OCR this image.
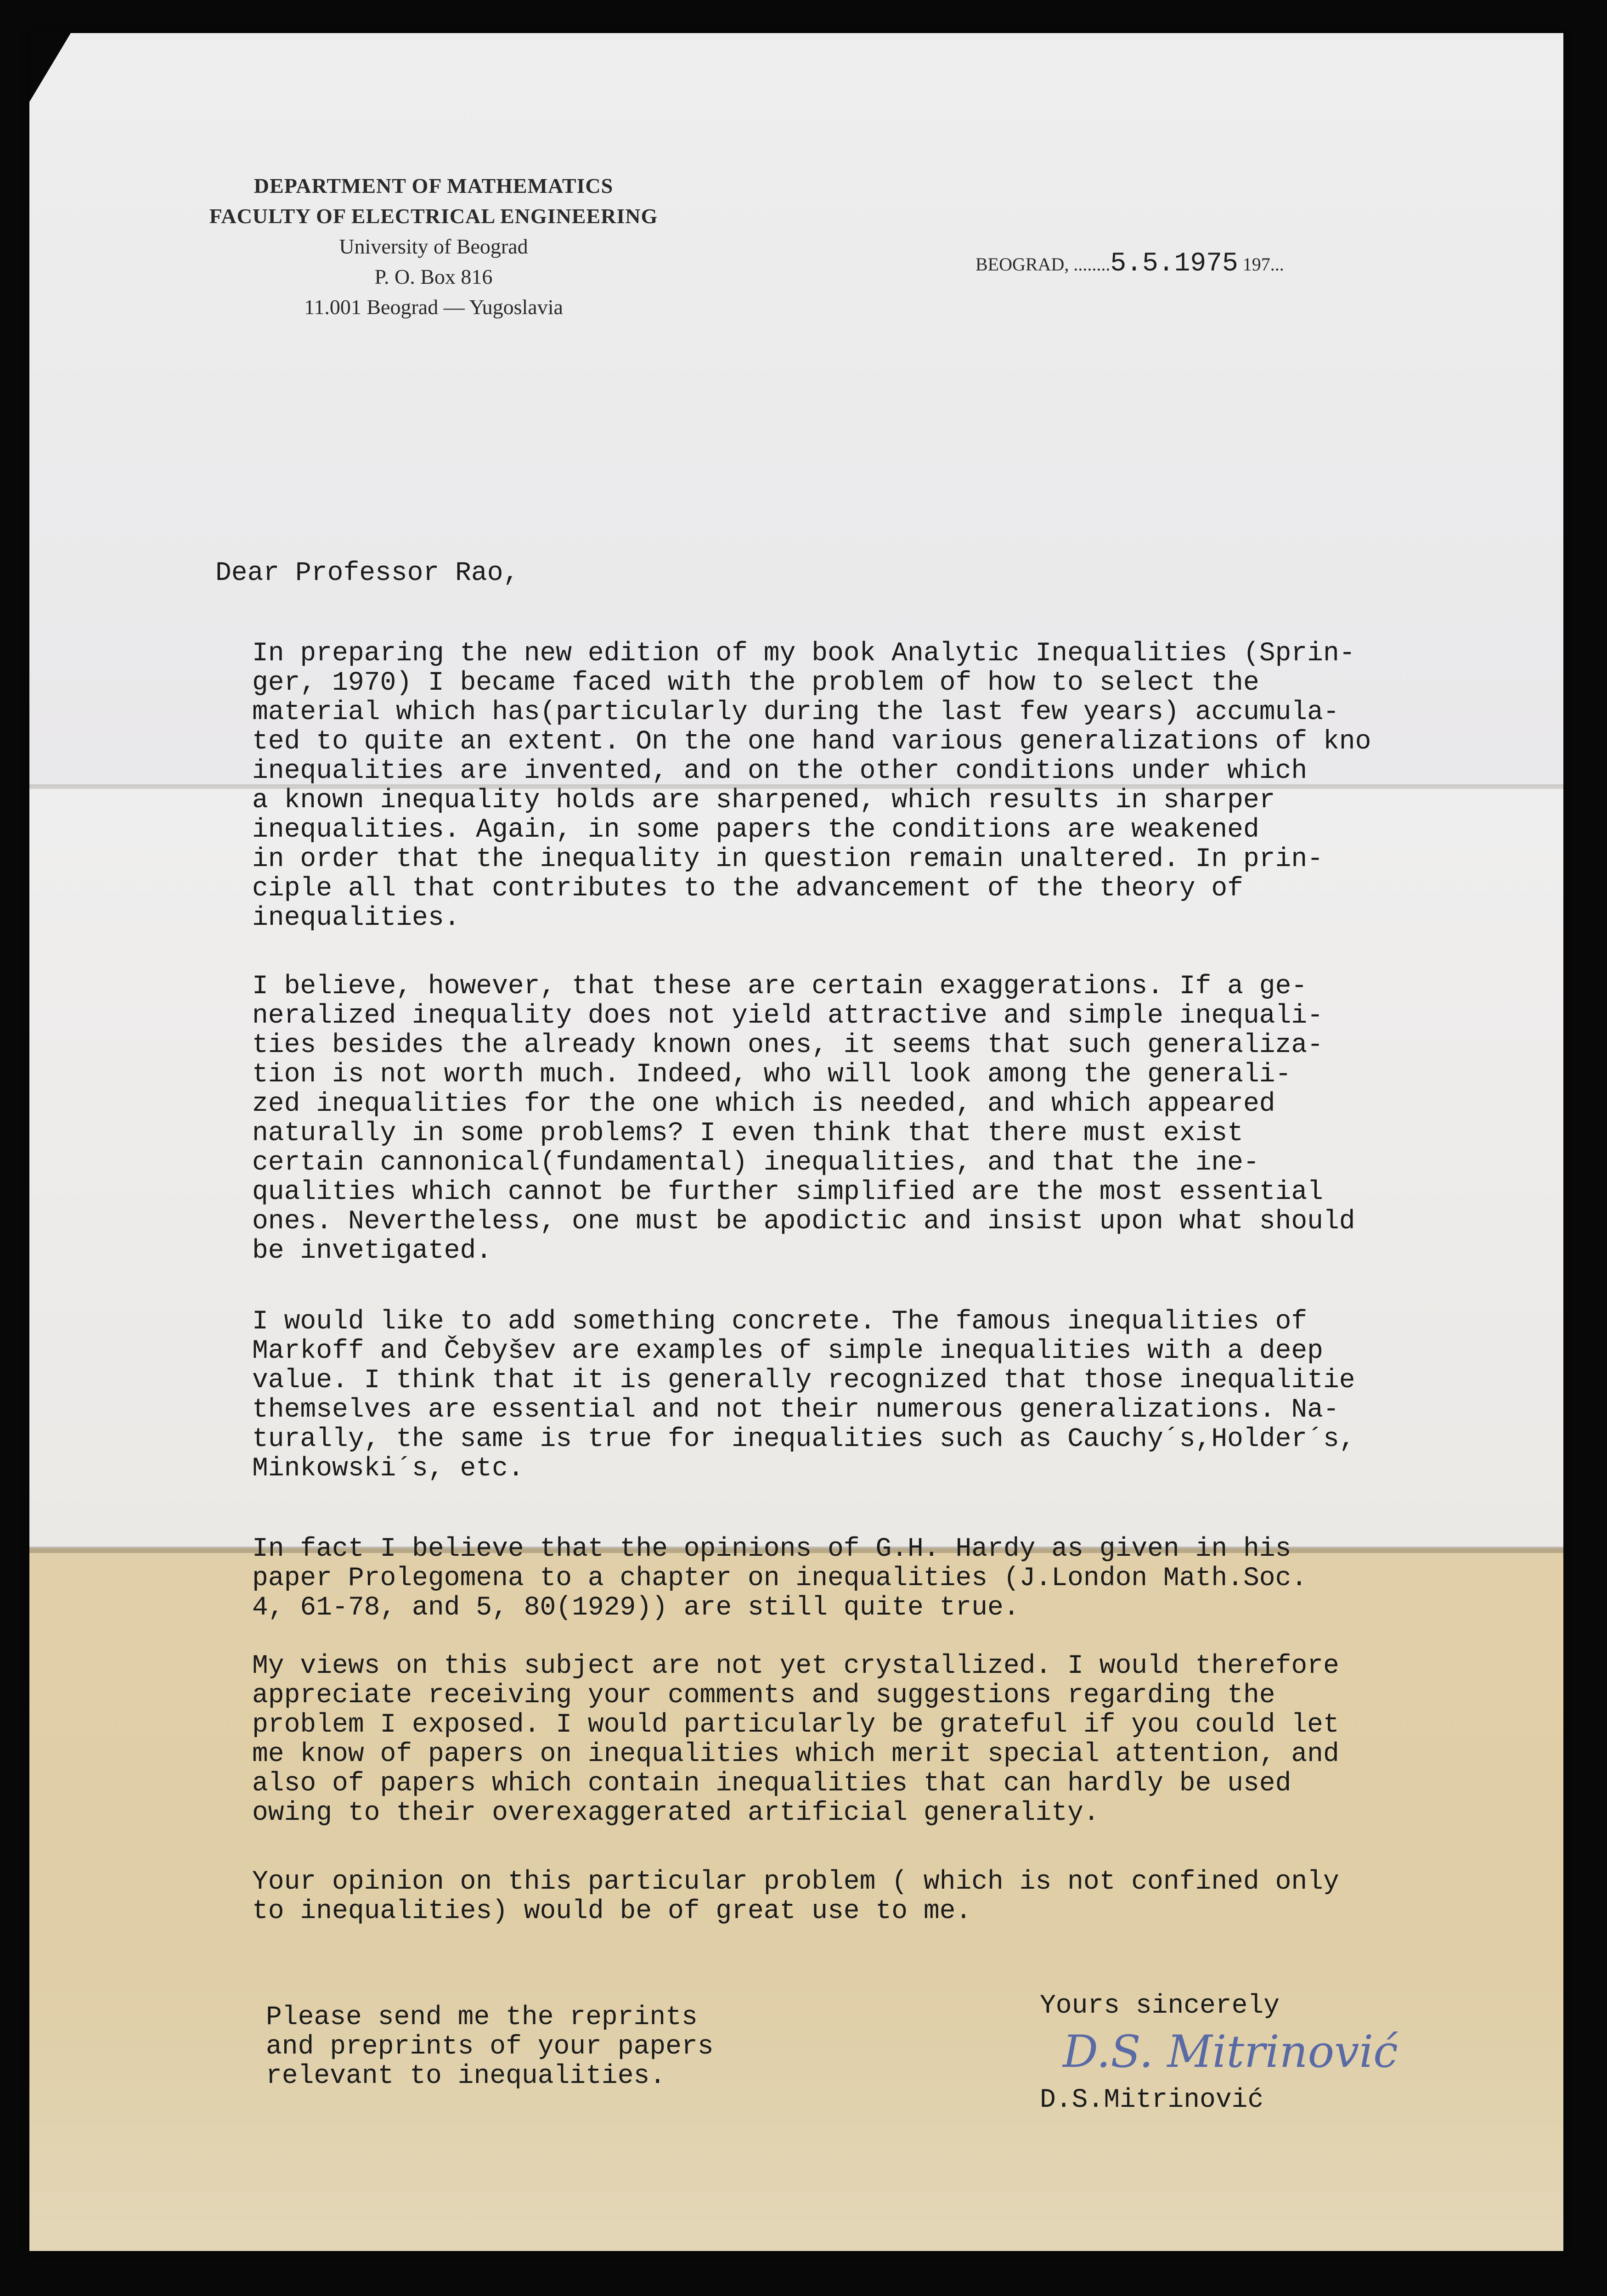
DEPARTMENT OF MATHEMATICS
FACULTY OF ELECTRICAL ENGINEERING
University of Beograd
P. O. Box 816
11.001 Beograd — Yugoslavia
BEOGRAD, ........5.5.1975 197...
Dear Professor Rao,
In preparing the new edition of my book Analytic Inequalities (Sprin-
ger, 1970) I became faced with the problem of how to select the
material which has(particularly during the last few years) accumula-
ted to quite an extent. On the one hand various generalizations of kno
inequalities are invented, and on the other conditions under which
a known inequality holds are sharpened, which results in sharper
inequalities. Again, in some papers the conditions are weakened
in order that the inequality in question remain unaltered. In prin-
ciple all that contributes to the advancement of the theory of
inequalities.
I believe, however, that these are certain exaggerations. If a ge-
neralized inequality does not yield attractive and simple inequali-
ties besides the already known ones, it seems that such generaliza-
tion is not worth much. Indeed, who will look among the generali-
zed inequalities for the one which is needed, and which appeared
naturally in some problems? I even think that there must exist
certain cannonical(fundamental) inequalities, and that the ine-
qualities which cannot be further simplified are the most essential
ones. Nevertheless, one must be apodictic and insist upon what should
be invetigated.
I would like to add something concrete. The famous inequalities of
Markoff and Čebyšev are examples of simple inequalities with a deep
value. I think that it is generally recognized that those inequalitie
themselves are essential and not their numerous generalizations. Na-
turally, the same is true for inequalities such as Cauchy´s,Holder´s,
Minkowski´s, etc.
In fact I believe that the opinions of G.H. Hardy as given in his
paper Prolegomena to a chapter on inequalities (J.London Math.Soc.
4, 61-78, and 5, 80(1929)) are still quite true.
My views on this subject are not yet crystallized. I would therefore
appreciate receiving your comments and suggestions regarding the
problem I exposed. I would particularly be grateful if you could let
me know of papers on inequalities which merit special attention, and
also of papers which contain inequalities that can hardly be used
owing to their overexaggerated artificial generality.
Your opinion on this particular problem ( which is not confined only
to inequalities) would be of great use to me.
Please send me the reprints
and preprints of your papers
relevant to inequalities.
Yours sincerely
D.S. Mitrinović
D.S.Mitrinović
